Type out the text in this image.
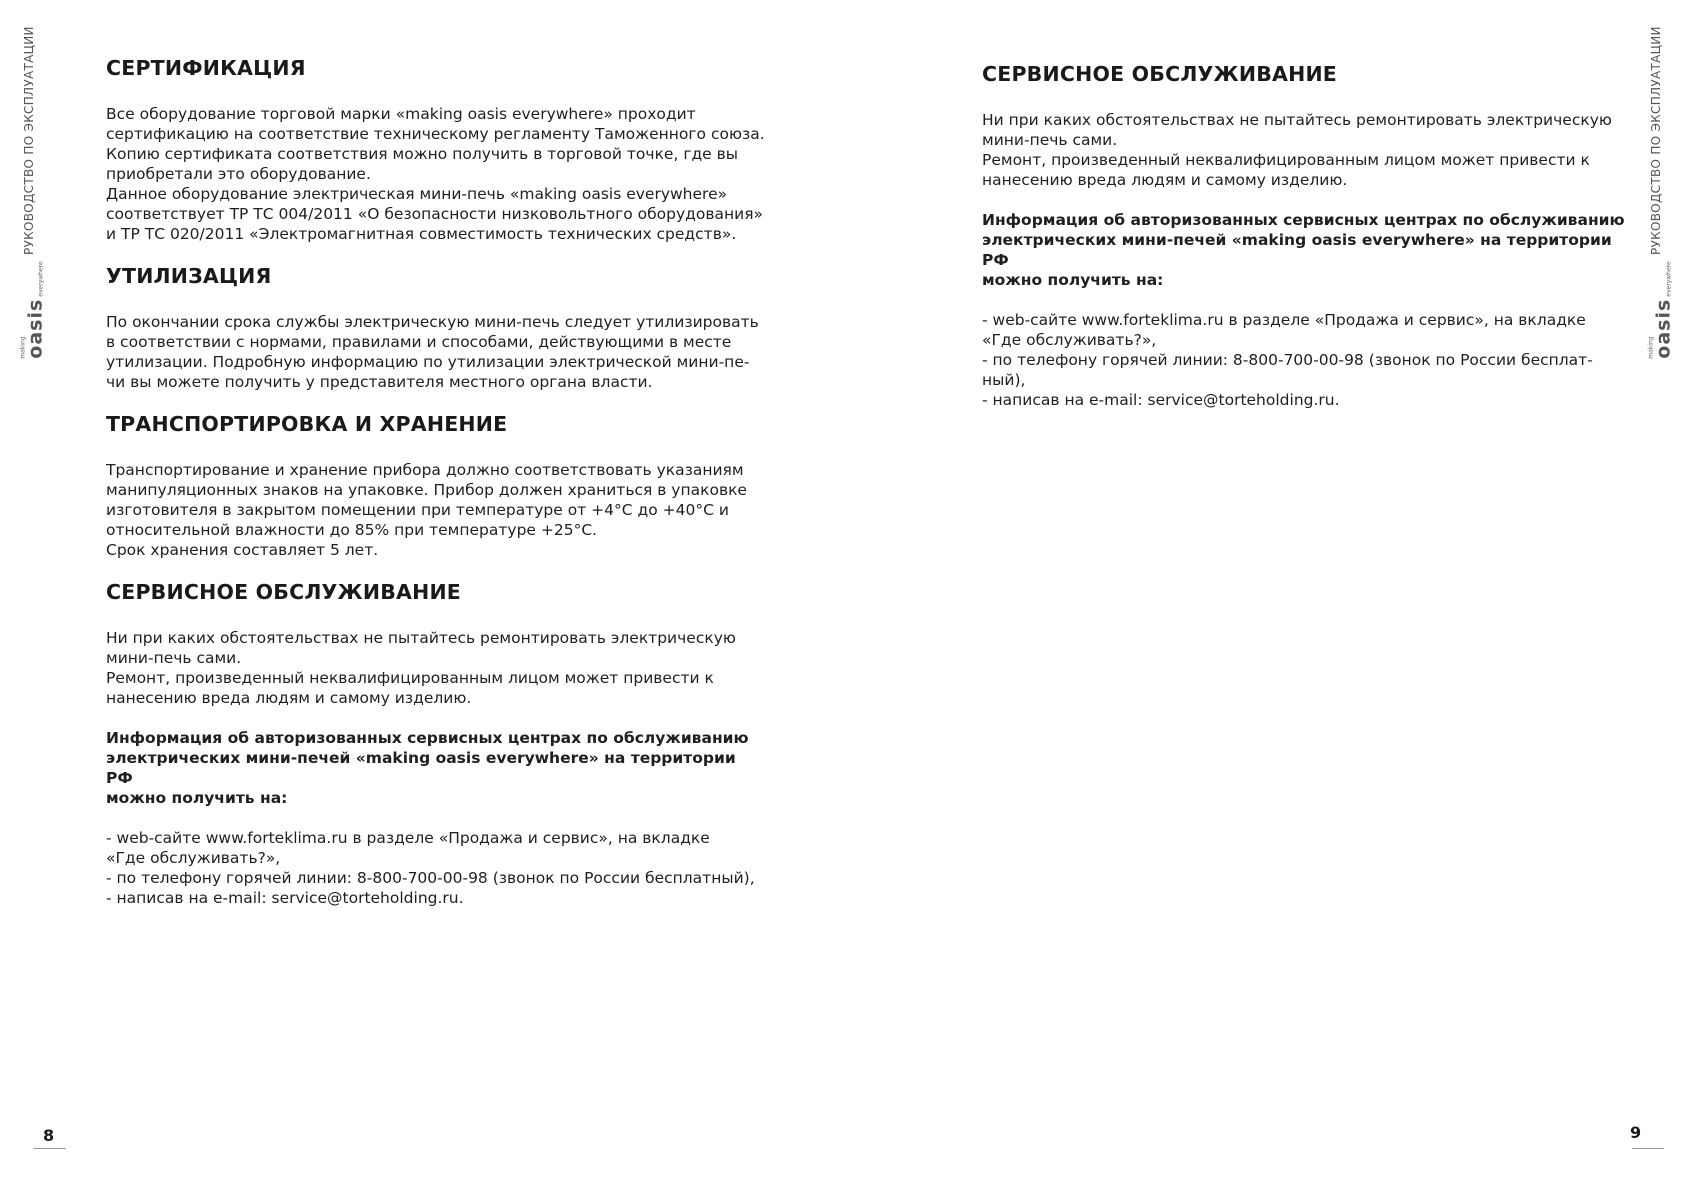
РУКОВОДСТВО ПО ЭКСПЛУАТАЦИИ
making
oasis
everywhere
СЕРТИФИКАЦИЯ

Все оборудование торговой марки «making oasis everywhere» проходит

сертификацию на соответствие техническому регламенту Таможенного союза.

Копию сертификата соответствия можно получить в торговой точке, где вы

приобретали это оборудование.

Данное оборудование электрическая мини-печь «making oasis everywhere»

соответствует ТР ТС 004/2011 «О безопасности низковольтного оборудования»

и ТР ТС 020/2011 «Электромагнитная совместимость технических средств».

УТИЛИЗАЦИЯ

По окончании срока службы электрическую мини-печь следует утилизировать

в соответствии с нормами, правилами и способами, действующими в месте

утилизации. Подробную информацию по утилизации электрической мини-пе-

чи вы можете получить у представителя местного органа власти.

ТРАНСПОРТИРОВКА И ХРАНЕНИЕ

Транспортирование и хранение прибора должно соответствовать указаниям

манипуляционных знаков на упаковке. Прибор должен храниться в упаковке

изготовителя в закрытом помещении при температуре от +4°C до +40°C и

относительной влажности до 85% при температуре +25°C.

Срок хранения составляет 5 лет.

СЕРВИСНОЕ ОБСЛУЖИВАНИЕ

Ни при каких обстоятельствах не пытайтесь ремонтировать электрическую

мини-печь сами.

Ремонт, произведенный неквалифицированным лицом может привести к

нанесению вреда людям и самому изделию.

Информация об авторизованных сервисных центрах по обслуживанию

электрических мини-печей «making oasis everywhere» на территории РФ

можно получить на:

- web-сайте www.forteklima.ru в разделе «Продажа и сервис», на вкладке

«Где обслуживать?»,

- по телефону горячей линии: 8-800-700-00-98 (звонок по России бесплатный),

- написав на e-mail: service@torteholding.ru.

СЕРВИСНОЕ ОБСЛУЖИВАНИЕ

Ни при каких обстоятельствах не пытайтесь ремонтировать электрическую

мини-печь сами.

Ремонт, произведенный неквалифицированным лицом может привести к

нанесению вреда людям и самому изделию.

Информация об авторизованных сервисных центрах по обслуживанию

электрических мини-печей «making oasis everywhere» на территории РФ

можно получить на:

- web-сайте www.forteklima.ru в разделе «Продажа и сервис», на вкладке

«Где обслуживать?»,

- по телефону горячей линии: 8-800-700-00-98 (звонок по России бесплат-

ный),

- написав на e-mail: service@torteholding.ru.

РУКОВОДСТВО ПО ЭКСПЛУАТАЦИИ
making
oasis
everywhere
8	9
